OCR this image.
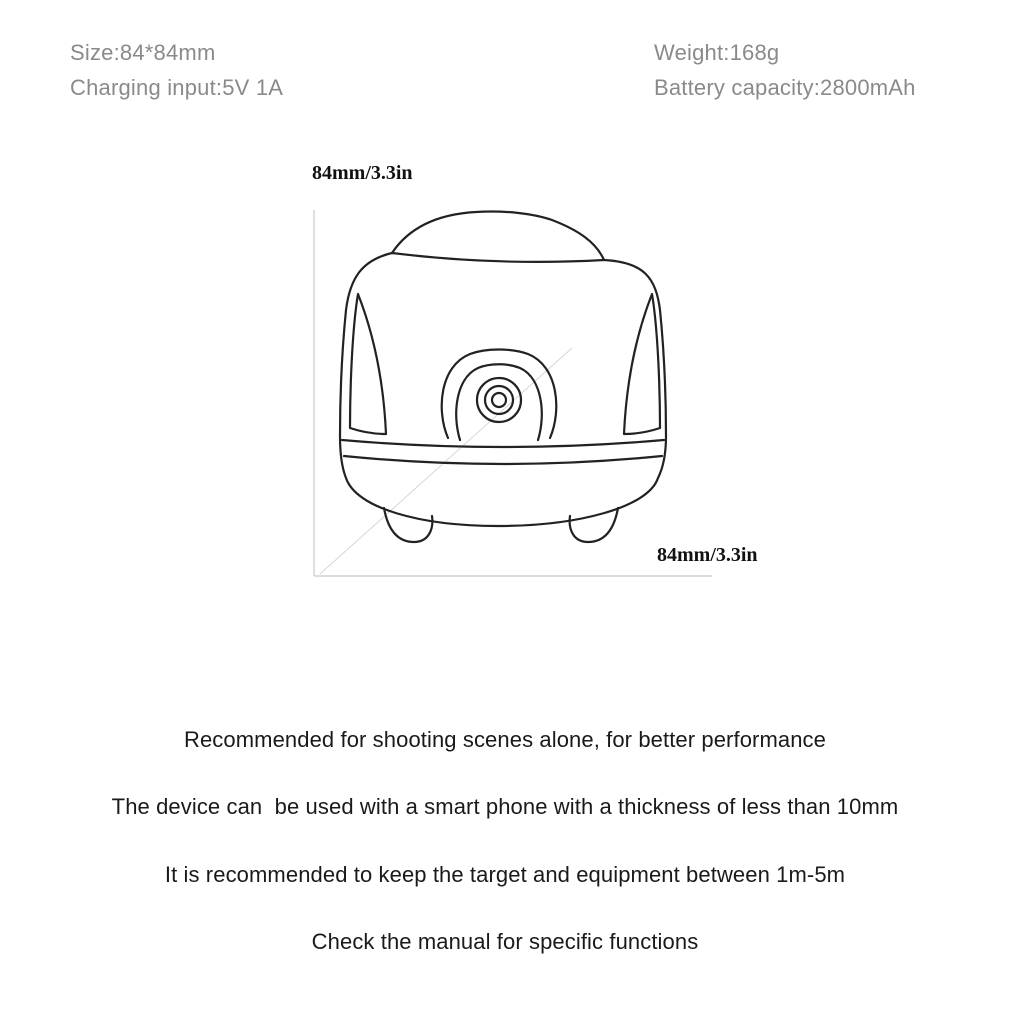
Size:84*84mm
Charging input:5V 1A
Weight:168g
Battery capacity:2800mAh
84mm/3.3in
84mm/3.3in
Recommended for shooting scenes alone, for better performance
The device can  be used with a smart phone with a thickness of less than 10mm
It is recommended to keep the target and equipment between 1m-5m
Check the manual for specific functions
